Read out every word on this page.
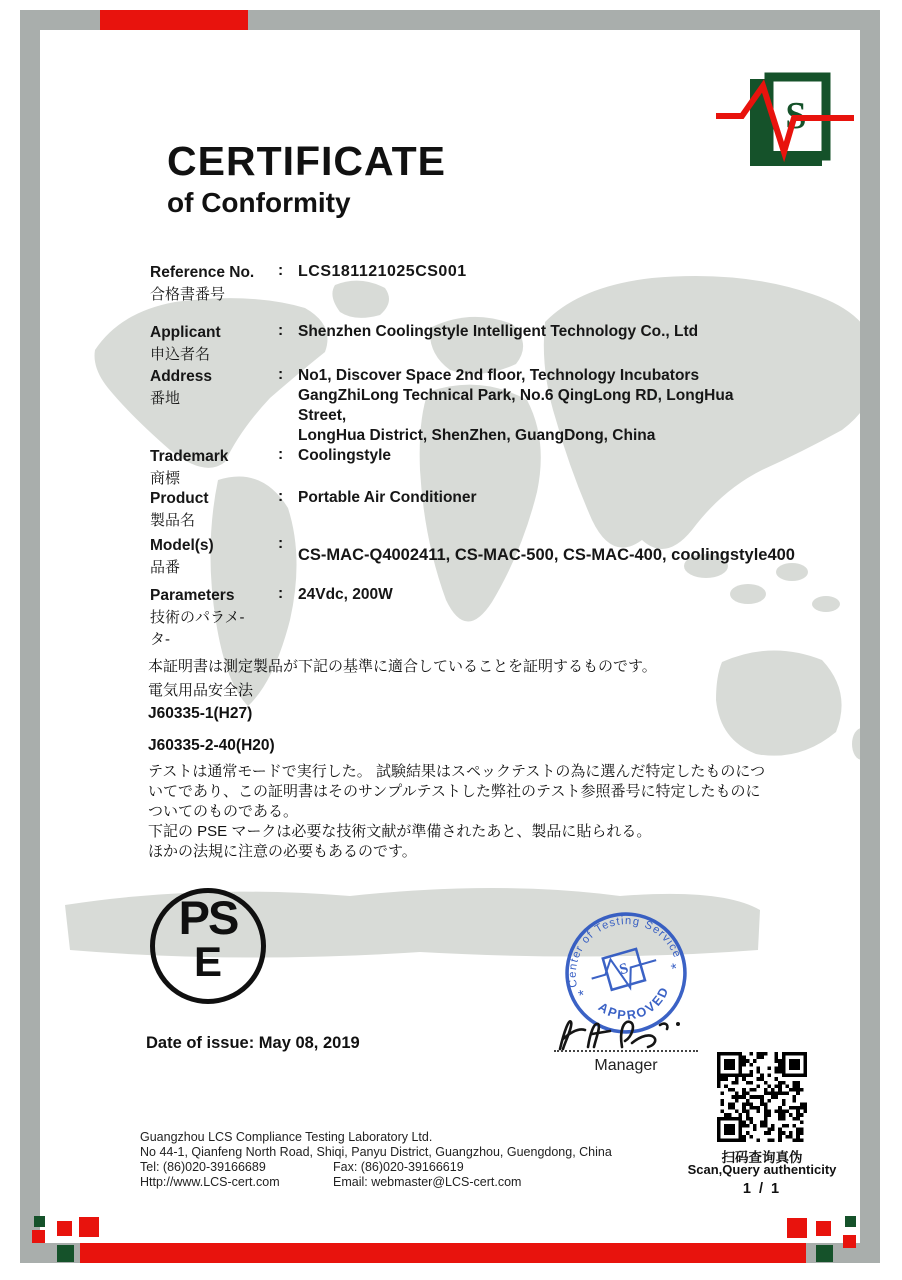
S
CERTIFICATE
of Conformity
Reference No.
合格書番号
: LCS181121025CS001
Applicant
申込者名
: Shenzhen Coolingstyle Intelligent Technology Co., Ltd
Address
番地
: No1, Discover Space 2nd floor, Technology Incubators
GangZhiLong Technical Park, No.6 QingLong RD, LongHua Street,
LongHua District, ShenZhen, GuangDong, China
Trademark
商標
: Coolingstyle
Product
製品名
: Portable Air Conditioner
Model(s)
品番
:
CS-MAC-Q4002411, CS-MAC-500, CS-MAC-400, coolingstyle400
Parameters
技術のパラメ-
タ-
: 24Vdc, 200W
本証明書は測定製品が下記の基準に適合していることを証明するものです。
電気用品安全法
J60335-1(H27)
J60335-2-40(H20)
テストは通常モードで実行した。 試験結果はスペックテストの為に選んだ特定したものにつ
いてであり、この証明書はそのサンプルテストした弊社のテスト参照番号に特定したものに
ついてのものである。
下記の PSE マークは必要な技術文献が準備されたあと、製品に貼られる。
ほかの法規に注意の必要もあるのです。
PS
E
Date of issue: May 08, 2019
Center of Testing Service
APPROVED
*
*
S
Manager
Guangzhou LCS Compliance Testing Laboratory Ltd.
No 44-1, Qianfeng North Road, Shiqi, Panyu District, Guangzhou, Guengdong, China
Tel: (86)020-39166689	Fax: (86)020-39166619
Http://www.LCS-cert.com	Email: webmaster@LCS-cert.com
扫码查询真伪
Scan,Query authenticity
1 / 1
